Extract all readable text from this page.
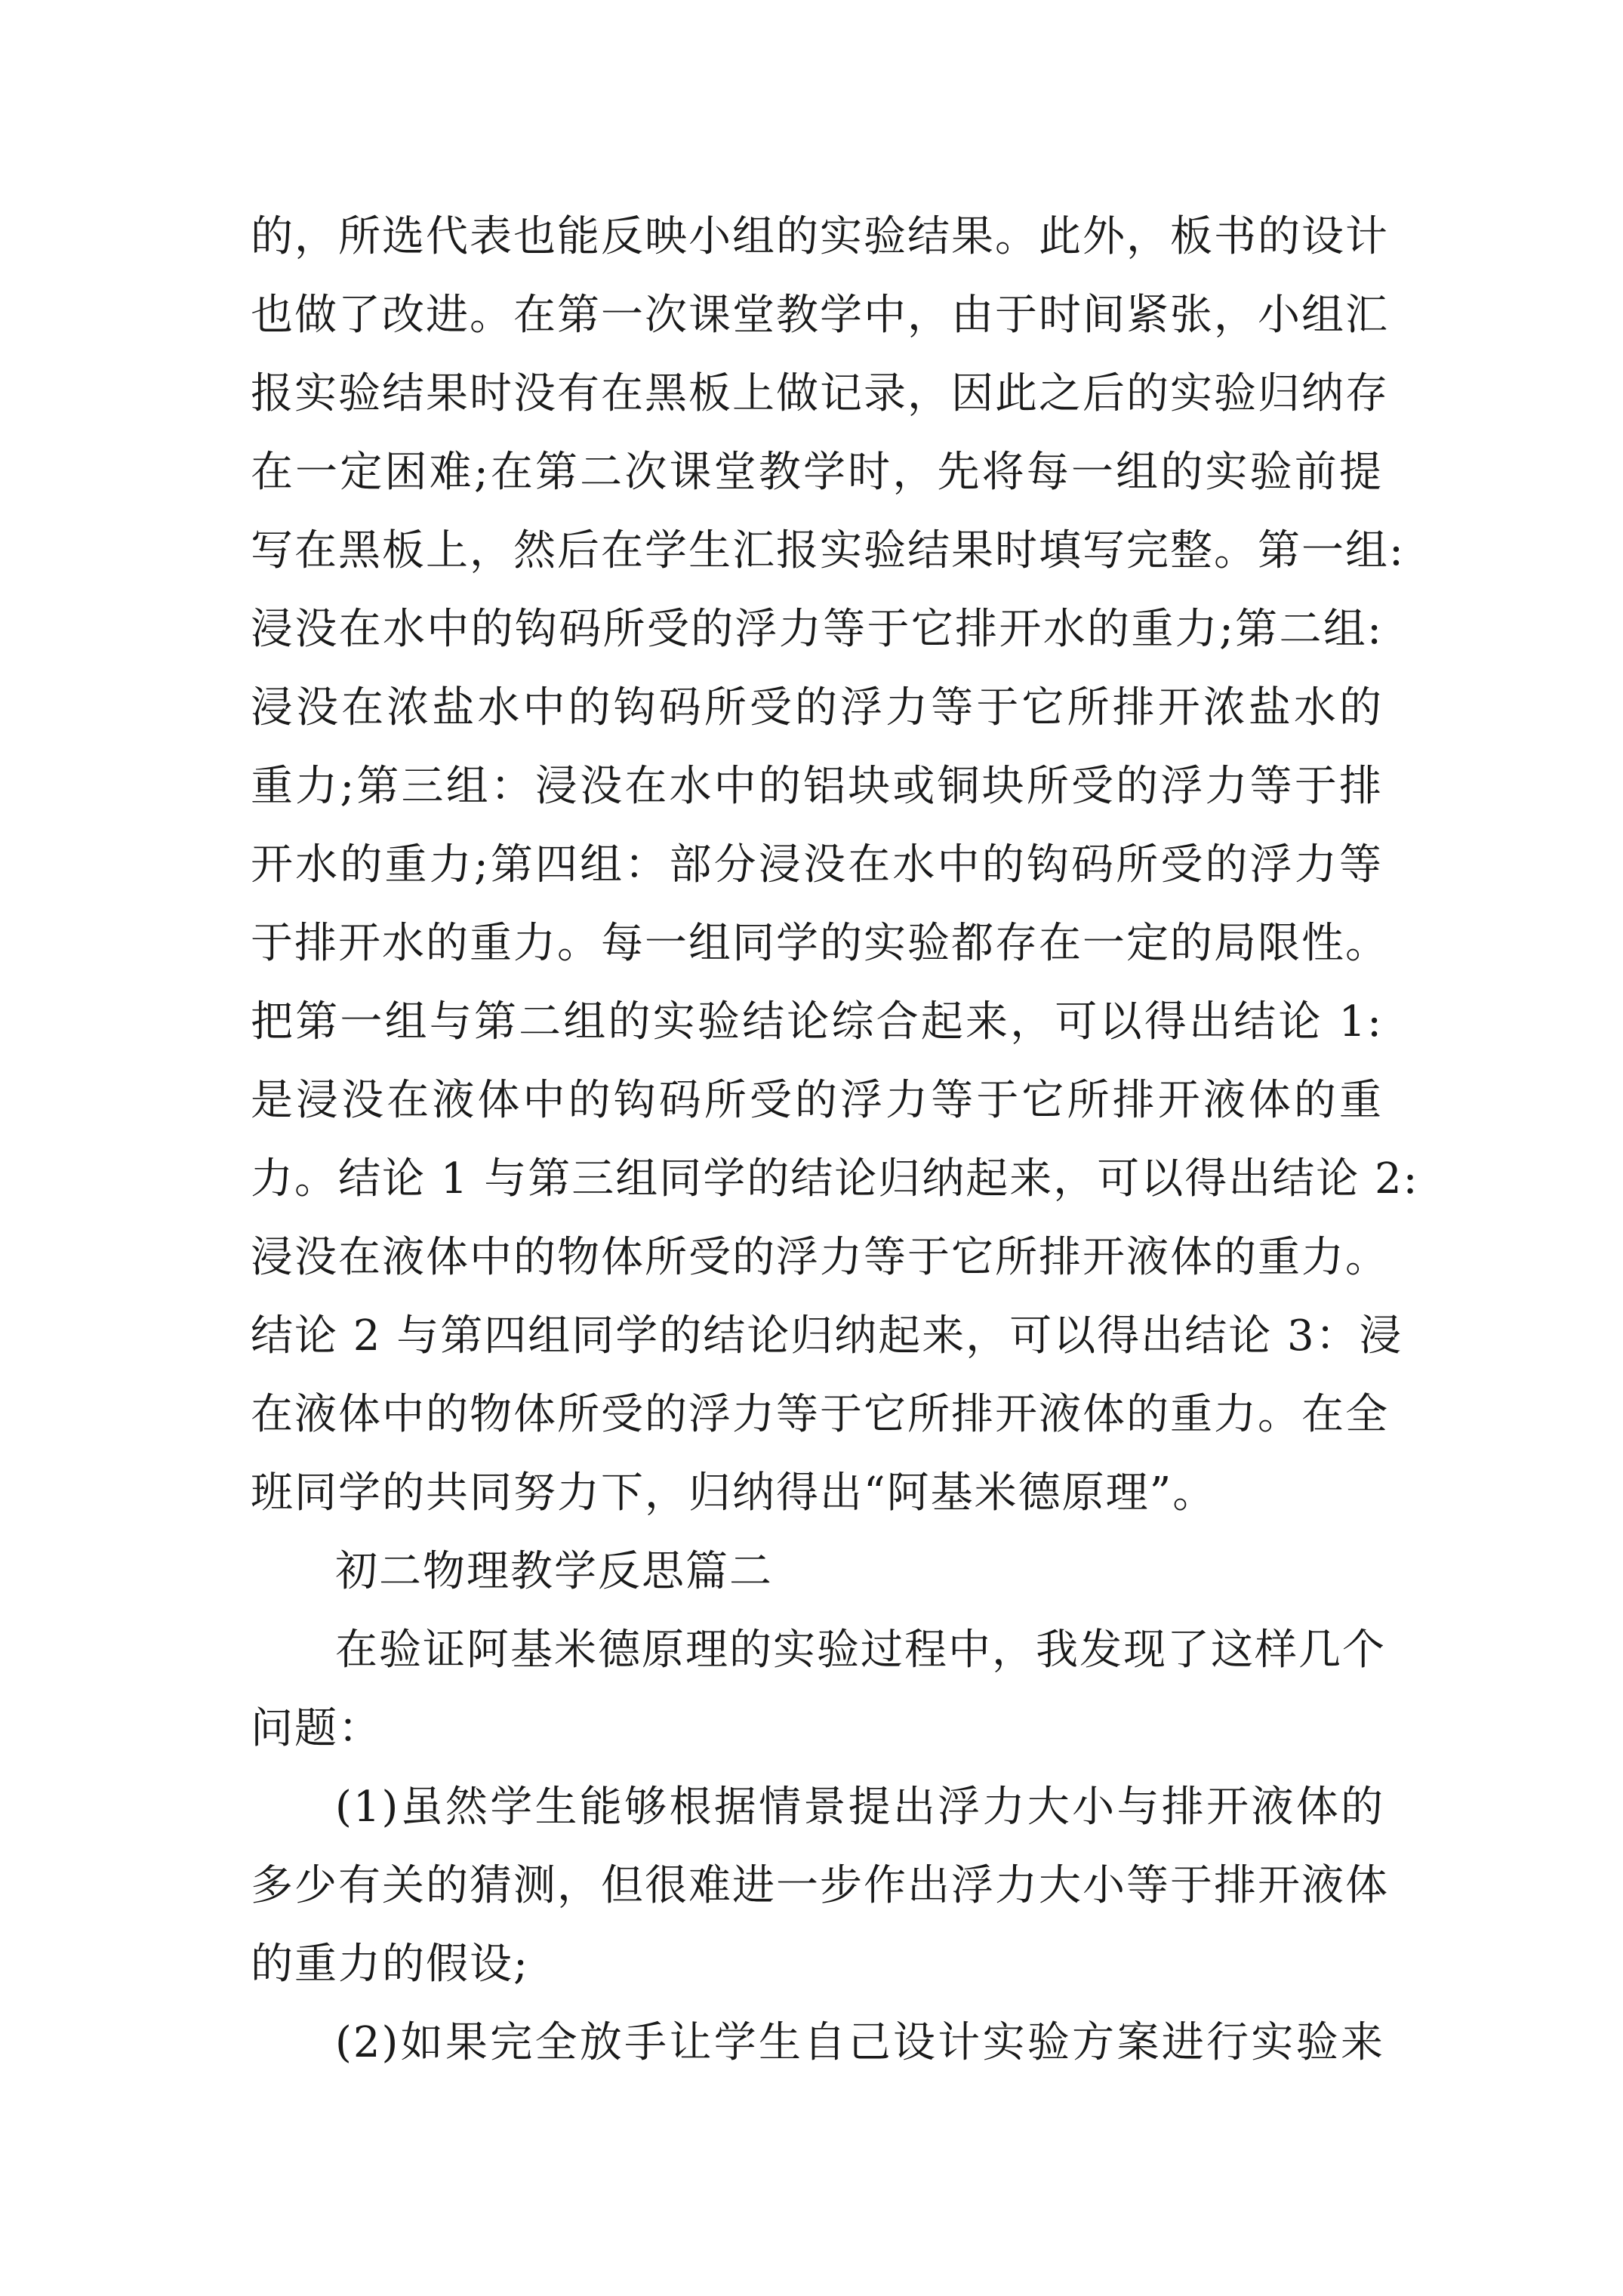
的，所选代表也能反映小组的实验结果。此外，板书的设计
也做了改进。在第一次课堂教学中，由于时间紧张，小组汇
报实验结果时没有在黑板上做记录，因此之后的实验归纳存
在一定困难;在第二次课堂教学时，先将每一组的实验前提
写在黑板上，然后在学生汇报实验结果时填写完整。第一组:
浸没在水中的钩码所受的浮力等于它排开水的重力;第二组:
浸没在浓盐水中的钩码所受的浮力等于它所排开浓盐水的
重力;第三组：浸没在水中的铝块或铜块所受的浮力等于排
开水的重力;第四组：部分浸没在水中的钩码所受的浮力等
于排开水的重力。每一组同学的实验都存在一定的局限性。
把第一组与第二组的实验结论综合起来，可以得出结论 1:
是浸没在液体中的钩码所受的浮力等于它所排开液体的重
力。结论 1 与第三组同学的结论归纳起来，可以得出结论 2:
浸没在液体中的物体所受的浮力等于它所排开液体的重力。
结论 2 与第四组同学的结论归纳起来，可以得出结论 3：浸
在液体中的物体所受的浮力等于它所排开液体的重力。在全
班同学的共同努力下，归纳得出“阿基米德原理”。
初二物理教学反思篇二
在验证阿基米德原理的实验过程中，我发现了这样几个
问题：
(1)虽然学生能够根据情景提出浮力大小与排开液体的
多少有关的猜测，但很难进一步作出浮力大小等于排开液体
的重力的假设;
(2)如果完全放手让学生自己设计实验方案进行实验来
